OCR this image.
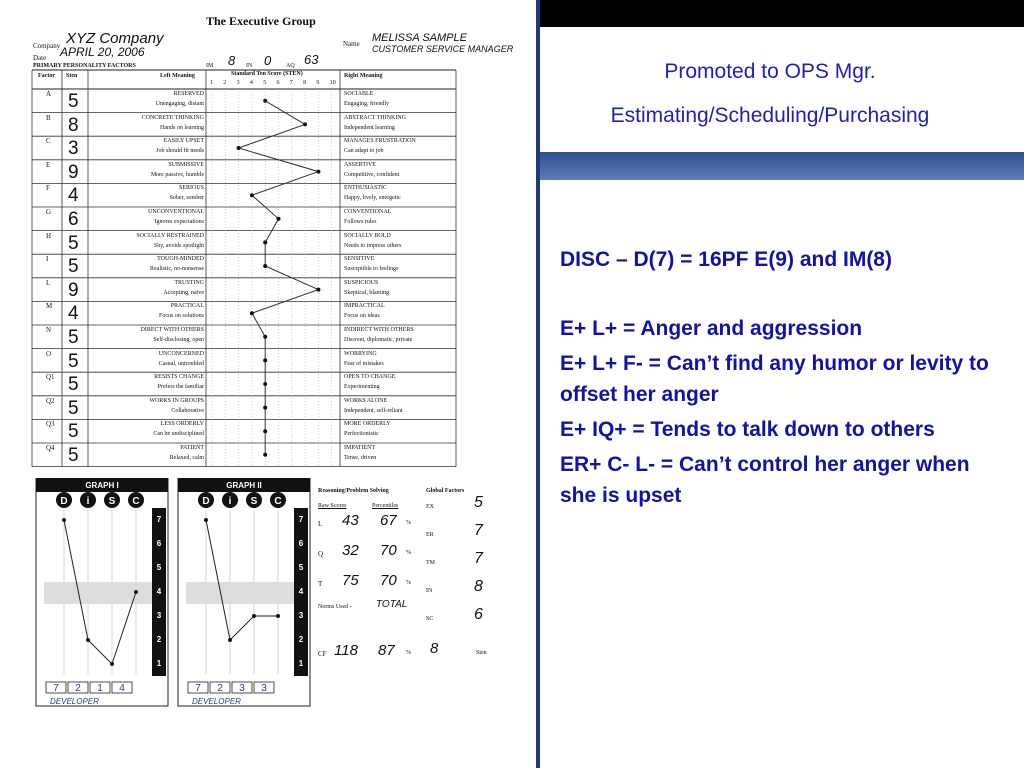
The Executive Group
Company XYZ Company
Date APRIL 20, 2006
Name MELISSA SAMPLE
CUSTOMER SERVICE MANAGER
PRIMARY PERSONALITY FACTORS	IM 8 IN 0 AQ 63
Factor Sten	Left Meaning	Standard Ten Score (STEN)	Right Meaning
1 2 3 4 5 6 7 8 9 10
A 5	RESERVED
Unengaging, distant
SOCIABLE
Engaging, friendly
B 8	CONCRETE THINKING
Hands on learning
ABSTRACT THINKING
Independent learning
C 3	EASILY UPSET
Job should fit needs
MANAGES FRUSTRATION
Can adapt to job
E 9	SUBMISSIVE
More passive, humble
ASSERTIVE
Competitive, confident
F 4	SERIOUS
Sober, somber
ENTHUSIASTIC
Happy, lively, energetic
G 6	UNCONVENTIONAL
Ignores expectations
CONVENTIONAL
Follows rules
H 5	SOCIALLY RESTRAINED
Shy, avoids spotlight
SOCIALLY BOLD
Needs to impress others
I 5	TOUGH-MINDED
Realistic, no-nonsense
SENSITIVE
Susceptible to feelings
L 9	TRUSTING
Accepting, naïve
SUSPICIOUS
Skeptical, blaming
M 4	PRACTICAL
Focus on solutions
IMPRACTICAL
Focus on ideas
N 5	DIRECT WITH OTHERS
Self-disclosing, open
INDIRECT WITH OTHERS
Discreet, diplomatic, private
O 5	UNCONCERNED
Casual, untroubled
WORRYING
Fear of mistakes
Q1 5	RESISTS CHANGE
Prefers the familiar
OPEN TO CHANGE
Experimenting
Q2 5	WORKS IN GROUPS
Collaborative
WORKS ALONE
Independent, self-reliant
Q3 5	LESS ORDERLY
Can be undisciplined
MORE ORDERLY
Perfectionistic
Q4 5	PATIENT
Relaxed, calm
IMPATIENT
Tense, driven
GRAPH I
D i S C
7
6
5
4
3
2
1
7 2 1 4
DEVELOPER
GRAPH II
D i S C
7
6
5
4
3
2
1
7 2 3 3
DEVELOPER
Reasoning/Problem Solving
Raw Scores	Percentiles
L 43 67 %
Q 32 70 %
T 75 70 %
Norms Used - TOTAL
CF 118 87 % 8	Sten
Global Factors
EX	5
ER	7
TM 7
IN	8
SC	6
Promoted to OPS Mgr.
Estimating/Scheduling/Purchasing

DISC – D(7) = 16PF E(9) and IM(8)

E+ L+ = Anger and aggression

E+ L+ F- = Can’t find any humor or levity to offset her anger

E+ IQ+ = Tends to talk down to others

ER+ C- L- = Can’t control her anger when she is upset
